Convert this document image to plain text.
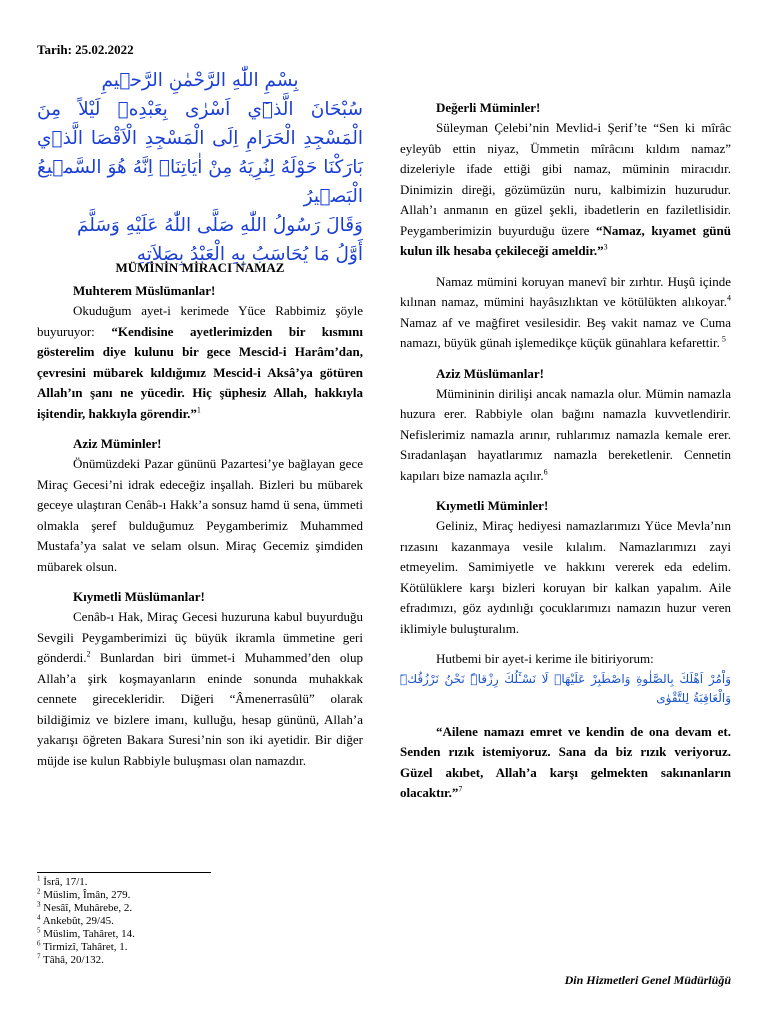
Tarih: 25.02.2022
بِسْمِ اللّٰهِ الرَّحْمٰنِ الرَّح۪يمِ
سُبْحَانَ الَّذ۪ٓي اَسْرٰى بِعَبْدِه۪ لَيْلاً مِنَ الْمَسْجِدِ الْحَرَامِ اِلَى الْمَسْجِدِ الْاَقْصَا الَّذ۪ي بَارَكْنَا حَوْلَهُ لِنُرِيَهُ مِنْ اٰيَاتِنَاۜ اِنَّهُ هُوَ السَّم۪يعُ الْبَص۪يرُ
وَقَالَ رَسُولُ اللّٰهِ صَلَّى اللّٰهُ عَلَيْهِ وَسَلَّمَ
أَوَّلُ مَا يُحَاسَبُ بِهِ الْعَبْدُ بِصَلاَتِهِ
MÜMİNİN MİRACI NAMAZ

Muhterem Müslümanlar!

Okuduğum ayet-i kerimede Yüce Rabbimiz şöyle buyuruyor: “Kendisine ayetlerimizden bir kısmını gösterelim diye kulunu bir gece Mescid-i Harâm’dan, çevresini mübarek kıldığımız Mescid-i Aksâ’ya götüren Allah’ın şanı ne yücedir. Hiç şüphesiz Allah, hakkıyla işitendir, hakkıyla görendir.”$^1$

Aziz Müminler!

Önümüzdeki Pazar gününü Pazartesi’ye bağlayan gece Miraç Gecesi’ni idrak edeceğiz inşallah. Bizleri bu mübarek geceye ulaştıran Cenâb-ı Hakk’a sonsuz hamd ü sena, ümmeti olmakla şeref bulduğumuz Peygamberimiz Muhammed Mustafa’ya salat ve selam olsun. Miraç Gecemiz şimdiden mübarek olsun.

Kıymetli Müslümanlar!

Cenâb-ı Hak, Miraç Gecesi huzuruna kabul buyurduğu Sevgili Peygamberimizi üç büyük ikramla ümmetine geri gönderdi.$^2$ Bunlardan biri ümmet-i Muhammed’den olup Allah’a şirk koşmayanların eninde sonunda muhakkak cennete girecekleridir. Diğeri “Âmenerrasûlü” olarak bildiğimiz ve bizlere imanı, kulluğu, hesap gününü, Allah’a yakarışı öğreten Bakara Suresi’nin son iki ayetidir. Bir diğer müjde ise kulun Rabbiyle buluşması olan namazdır.

Değerli Müminler!

Süleyman Çelebi’nin Mevlid-i Şerif’te “Sen ki mîrâc eyleyûb ettin niyaz, Ümmetin mîrâcını kıldım namaz” dizeleriyle ifade ettiği gibi namaz, müminin miracıdır. Dinimizin direği, gözümüzün nuru, kalbimizin huzurudur. Allah’ı anmanın en güzel şekli, ibadetlerin en faziletlisidir. Peygamberimizin buyurduğu üzere “Namaz, kıyamet günü kulun ilk hesaba çekileceği ameldir.”$^3$

Namaz mümini koruyan manevî bir zırhtır. Huşû içinde kılınan namaz, mümini hayâsızlıktan ve kötülükten alıkoyar.$^4$ Namaz af ve mağfiret vesilesidir. Beş vakit namaz ve Cuma namazı, büyük günah işlemedikçe küçük günahlara kefarettir. $^5$

Aziz Müslümanlar!

Mümininin dirilişi ancak namazla olur. Mümin namazla huzura erer. Rabbiyle olan bağını namazla kuvvetlendirir. Nefislerimiz namazla arınır, ruhlarımız namazla kemale erer. Sıradanlaşan hayatlarımız namazla bereketlenir. Cennetin kapıları bize namazla açılır.$^6$

Kıymetli Müminler!

Geliniz, Miraç hediyesi namazlarımızı Yüce Mevla’nın rızasını kazanmaya vesile kılalım. Namazlarımızı zayi etmeyelim. Samimiyetle ve hakkını vererek eda edelim. Kötülüklere karşı bizleri koruyan bir kalkan yapalım. Aile efradımızı, göz aydınlığı çocuklarımızı namazın huzur veren iklimiyle buluşturalım.

Hutbemi bir ayet-i kerime ile bitiriyorum:

وَاْمُرْ اَهْلَكَ بِالصَّلٰوةِ وَاصْطَبِرْ عَلَيْهَاۜ لَا نَسْـَٔلُكَ رِزْقاًۜ نَحْنُ نَرْزُقُكَۜ وَالْعَاقِبَةُ لِلتَّقْوٰى

“Ailene namazı emret ve kendin de ona devam et. Senden rızık istemiyoruz. Sana da biz rızık veriyoruz. Güzel akıbet, Allah’a karşı gelmekten sakınanların olacaktır.”$^7$

$^1$ İsrâ, 17/1.
$^2$ Müslim, Îmân, 279.
$^3$ Nesâî, Muhârebe, 2.
$^4$ Ankebût, 29/45.
$^5$ Müslim, Tahâret, 14.
$^6$ Tirmizî, Tahâret, 1.
$^7$ Tâhâ, 20/132.
Din Hizmetleri Genel Müdürlüğü
